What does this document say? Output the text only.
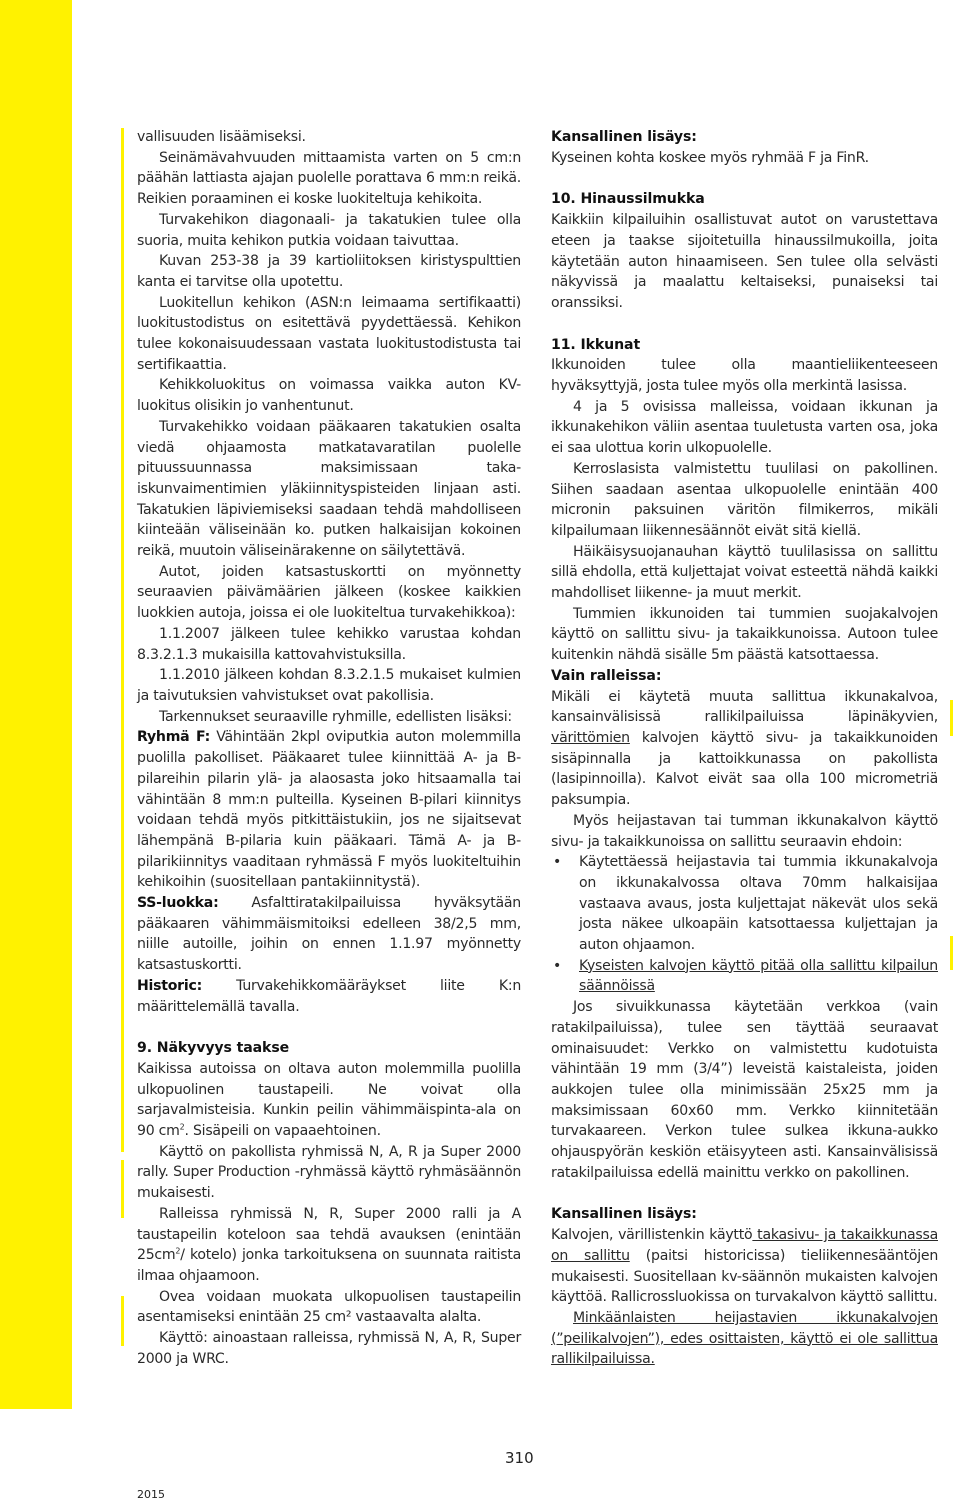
vallisuuden lisäämiseksi.

Seinämävahvuuden mittaamista varten on 5 cm:n päähän lattiasta ajajan puolelle porattava 6 mm:n reikä. Reikien poraaminen ei koske luokiteltuja kehikoita.

Turvakehikon diagonaali- ja takatukien tulee olla suoria, muita kehikon putkia voidaan taivuttaa.

Kuvan 253-38 ja 39 kartioliitoksen kiristyspulttien kanta ei tarvitse olla upotettu.

Luokitellun kehikon (ASN:n leimaama sertifikaatti) luokitustodistus on esitettävä pyydettäessä. Kehikon tulee kokonaisuudessaan vastata luokitustodistusta tai sertifikaattia.

Kehikkoluokitus on voimassa vaikka auton KV-luokitus olisikin jo vanhentunut.

Turvakehikko voidaan pääkaaren takatukien osalta viedä ohjaamosta matkatavaratilan puolelle pituussuunnassa maksimissaan taka-iskunvaimentimien yläkiinnityspisteiden linjaan asti. Takatukien läpiviemiseksi saadaan tehdä mahdolliseen kiinteään väliseinään ko. putken halkaisijan kokoinen reikä, muutoin väliseinärakenne on säilytettävä.

Autot, joiden katsastuskortti on myönnetty seuraavien päivämäärien jälkeen (koskee kaikkien luokkien autoja, joissa ei ole luokiteltua turvakehikkoa):

1.1.2007 jälkeen tulee kehikko varustaa kohdan 8.3.2.1.3 mukaisilla kattovahvistuksilla.

1.1.2010 jälkeen kohdan 8.3.2.1.5 mukaiset kulmien ja taivutuksien vahvistukset ovat pakollisia.

Tarkennukset seuraaville ryhmille, edellisten lisäksi:

Ryhmä F: Vähintään 2kpl oviputkia auton molemmilla puolilla pakolliset. Pääkaaret tulee kiinnittää A- ja B-pilareihin pilarin ylä- ja alaosasta joko hitsaamalla tai vähintään 8 mm:n pulteilla. Kyseinen B-pilari kiinnitys voidaan tehdä myös pitkittäistukiin, jos ne sijaitsevat lähempänä B-pilaria kuin pääkaari. Tämä A- ja B-pilarikiinnitys vaaditaan ryhmässä F myös luokiteltuihin kehikoihin (suositellaan pantakiinnitystä).

SS-luokka: Asfalttiratakilpailuissa hyväksytään pääkaaren vähimmäismitoiksi edelleen 38/2,5 mm, niille autoille, joihin on ennen 1.1.97 myönnetty katsastuskortti.

Historic: Turvakehikkomääräykset liite K:n määrittelemällä tavalla.

9. Näkyvyys taakse

Kaikissa autoissa on oltava auton molemmilla puolilla ulkopuolinen taustapeili. Ne voivat olla sarjavalmisteisia. Kunkin peilin vähimmäispinta-ala on 90 $cm^2$. Sisäpeili on vapaaehtoinen.

Käyttö on pakollista ryhmissä N, A, R ja Super 2000 rally. Super Production -ryhmässä käyttö ryhmäsäännön mukaisesti.

Ralleissa ryhmissä N, R, Super 2000 ralli ja A taustapeilin koteloon saa tehdä avauksen (enintään $25cm^2/$ kotelo) jonka tarkoituksena on suunnata raitista ilmaa ohjaamoon.

Ovea voidaan muokata ulkopuolisen taustapeilin asentamiseksi enintään 25 cm² vastaavalta alalta.

Käyttö: ainoastaan ralleissa, ryhmissä N, A, R, Super 2000 ja WRC.

Kansallinen lisäys:

Kyseinen kohta koskee myös ryhmää F ja FinR.

10. Hinaussilmukka

Kaikkiin kilpailuihin osallistuvat autot on varustettava eteen ja taakse sijoitetuilla hinaussilmukoilla, joita käytetään auton hinaamiseen. Sen tulee olla selvästi näkyvissä ja maalattu keltaiseksi, punaiseksi tai oranssiksi.

11. Ikkunat

Ikkunoiden tulee olla maantieliikenteeseen hyväksyttyjä, josta tulee myös olla merkintä lasissa.

4 ja 5 ovisissa malleissa, voidaan ikkunan ja ikkunakehikon väliin asentaa tuuletusta varten osa, joka ei saa ulottua korin ulkopuolelle.

Kerroslasista valmistettu tuulilasi on pakollinen. Siihen saadaan asentaa ulkopuolelle enintään 400 micronin paksuinen väritön filmikerros, mikäli kilpailumaan liikennesäännöt eivät sitä kiellä.

Häikäisysuojanauhan käyttö tuulilasissa on sallittu sillä ehdolla, että kuljettajat voivat esteettä nähdä kaikki mahdolliset liikenne- ja muut merkit.

Tummien ikkunoiden tai tummien suojakalvojen käyttö on sallittu sivu- ja takaikkunoissa. Autoon tulee kuitenkin nähdä sisälle 5m päästä katsottaessa.

Vain ralleissa:

Mikäli ei käytetä muuta sallittua ikkunakalvoa, kansainvälisissä rallikilpailuissa läpinäkyvien, värittömien kalvojen käyttö sivu- ja takaikkunoiden sisäpinnalla ja kattoikkunassa on pakollista (lasipinnoilla). Kalvot eivät saa olla 100 micrometriä paksumpia.

Myös heijastavan tai tumman ikkunakalvon käyttö sivu- ja takaikkunoissa on sallittu seuraavin ehdoin:

• Käytettäessä heijastavia tai tummia ikkunakalvoja on ikkunakalvossa oltava 70mm halkaisijaa vastaava avaus, josta kuljettajat näkevät ulos sekä josta näkee ulkoapäin katsottaessa kuljettajan ja auton ohjaamon.
• Kyseisten kalvojen käyttö pitää olla sallittu kilpailun säännöissä

Jos sivuikkunassa käytetään verkkoa (vain ratakilpailuissa), tulee sen täyttää seuraavat ominaisuudet: Verkko on valmistettu kudotuista vähintään 19 mm (3/4”) leveistä kaistaleista, joiden aukkojen tulee olla minimissään 25x25 mm ja maksimissaan 60x60 mm. Verkko kiinnitetään turvakaareen. Verkon tulee sulkea ikkuna-aukko ohjauspyörän keskiön etäisyyteen asti. Kansainvälisissä ratakilpailuissa edellä mainittu verkko on pakollinen.

Kansallinen lisäys:

Kalvojen, värillistenkin käyttö takasivu- ja takaikkunassa on sallittu (paitsi historicissa) tieliikennesääntöjen mukaisesti. Suositellaan kv-säännön mukaisten kalvojen käyttöä. Rallicrossluokissa on turvakalvon käyttö sallittu.

Minkäänlaisten heijastavien ikkunakalvojen (”peilikalvojen”), edes osittaisten, käyttö ei ole sallittua rallikilpailuissa.

310
2015
